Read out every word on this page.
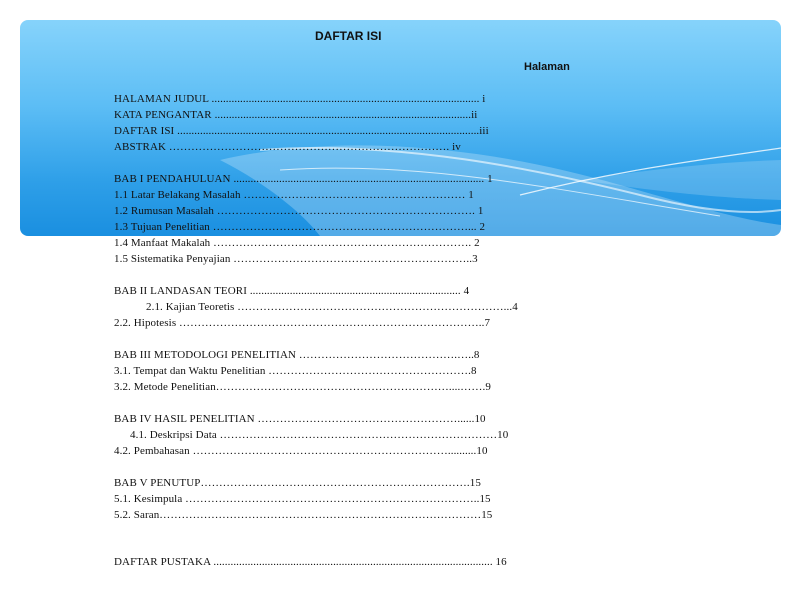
DAFTAR ISI
Halaman
HALAMAN JUDUL .............................................................................................. i
KATA PENGANTAR ..........................................................................................ii
DAFTAR ISI ..........................................................................................................iii
ABSTRAK …………………………………………………………………. iv
BAB I PENDAHULUAN ........................................................................................ 1
1.1 Latar Belakang Masalah …………………………………………………… 1
1.2 Rumusan Masalah ……………………………………………………………. 1
1.3 Tujuan Penelitian ……………………………………………………………... 2
1.4 Manfaat Makalah ……………………………………………………………. 2
1.5 Sistematika Penyajian ………………………………………………………..3
BAB II LANDASAN TEORI .......................................................................... 4
2.1. Kajian Teoretis ………………………………………………………………...4
2.2. Hipotesis ………………………………………………………………………..7
BAB III METODOLOGI PENELITIAN …………………………………….…..8
3.1. Tempat dan Waktu Penelitian ……………………………………………….8
3.2. Metode Penelitian………………………………………………………....…….9
BAB IV HASIL PENELITIAN ………………………………………………......10
4.1. Deskripsi Data …………………………………………………………………10
4.2. Pembahasan ……………………………………………………………..........10
BAB V PENUTUP……………………………………………………………….15
5.1. Kesimpula ……………………………………………………………………..15
5.2. Saran……………………………………………………………………………15
DAFTAR PUSTAKA .................................................................................................. 16
